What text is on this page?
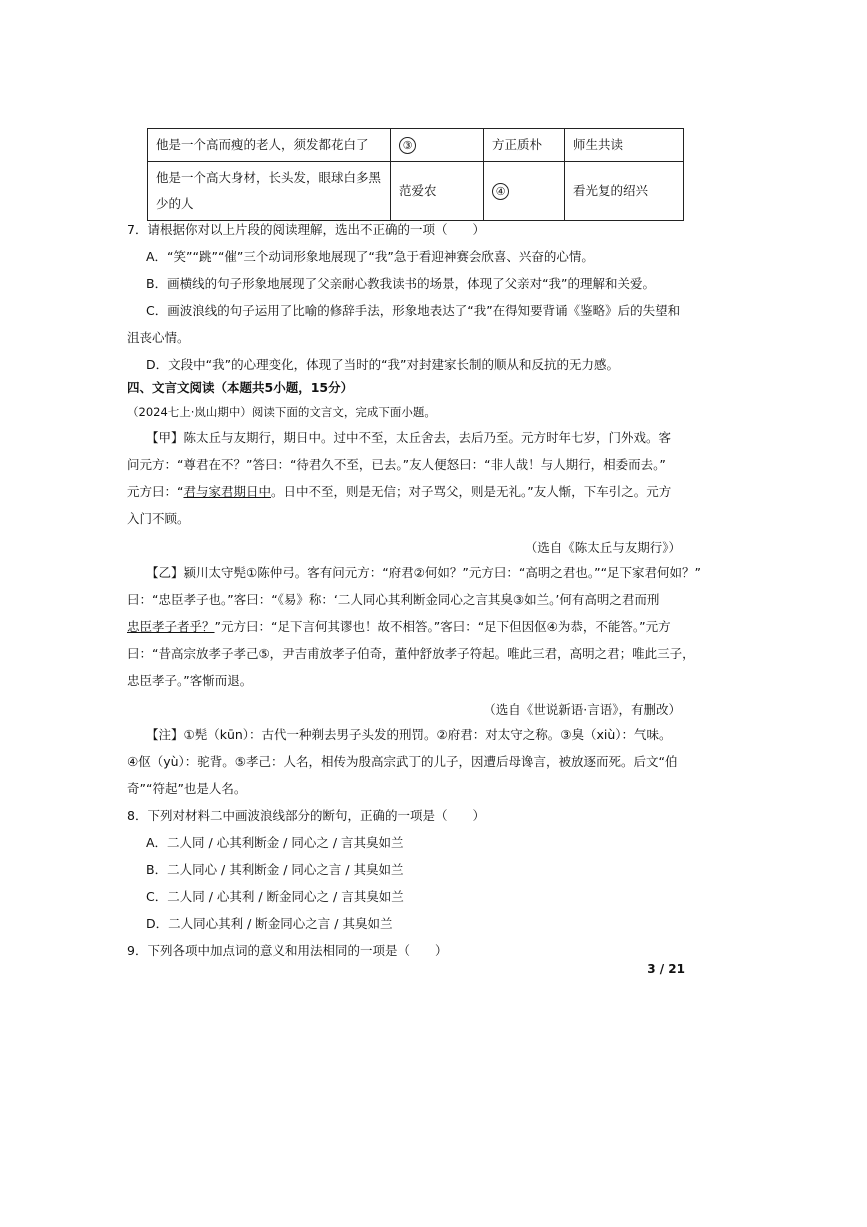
他是一个高而瘦的老人，须发都花白了	③	方正质朴	师生共读
他是一个高大身材，长头发，眼球白多黑少的人	范爱农	④	看光复的绍兴
7．请根据你对以上片段的阅读理解，选出不正确的一项（　　）
A．“笑”“跳”“催”三个动词形象地展现了“我”急于看迎神赛会欣喜、兴奋的心情。
B．画横线的句子形象地展现了父亲耐心教我读书的场景，体现了父亲对“我”的理解和关爱。
C．画波浪线的句子运用了比喻的修辞手法，形象地表达了“我”在得知要背诵《鉴略》后的失望和
沮丧心情。
D．文段中“我”的心理变化，体现了当时的“我”对封建家长制的顺从和反抗的无力感。
四、文言文阅读（本题共5小题，15分）
（2024七上·岚山期中）阅读下面的文言文，完成下面小题。
【甲】陈太丘与友期行，期日中。过中不至，太丘舍去，去后乃至。元方时年七岁，门外戏。客
问元方：“尊君在不？”答曰：“待君久不至，已去。”友人便怒曰：“非人哉！与人期行，相委而去。”
元方曰：“君与家君期日中。日中不至，则是无信；对子骂父，则是无礼。”友人惭，下车引之。元方
入门不顾。
（选自《陈太丘与友期行》）
【乙】颍川太守髡①陈仲弓。客有问元方：“府君②何如？”元方曰：“高明之君也。”“足下家君何如？”
曰：“忠臣孝子也。”客曰：“《易》称：‘二人同心其利断金同心之言其臭③如兰。’何有高明之君而刑
忠臣孝子者乎？”元方曰：“足下言何其谬也！故不相答。”客曰：“足下但因伛④为恭，不能答。”元方
曰：“昔高宗放孝子孝己⑤，尹吉甫放孝子伯奇，董仲舒放孝子符起。唯此三君，高明之君；唯此三子，
忠臣孝子。”客惭而退。
（选自《世说新语·言语》，有删改）
【注】①髡（kūn）：古代一种剃去男子头发的刑罚。②府君：对太守之称。③臭（xiù）：气味。
④伛（yù）：驼背。⑤孝己：人名，相传为殷高宗武丁的儿子，因遭后母谗言，被放逐而死。后文“伯
奇”“符起”也是人名。
8．下列对材料二中画波浪线部分的断句，正确的一项是（　　）
A．二人同 / 心其利断金 / 同心之 / 言其臭如兰
B．二人同心 / 其利断金 / 同心之言 / 其臭如兰
C．二人同 / 心其利 / 断金同心之 / 言其臭如兰
D．二人同心其利 / 断金同心之言 / 其臭如兰
9．下列各项中加点词的意义和用法相同的一项是（　　）
3 / 21
